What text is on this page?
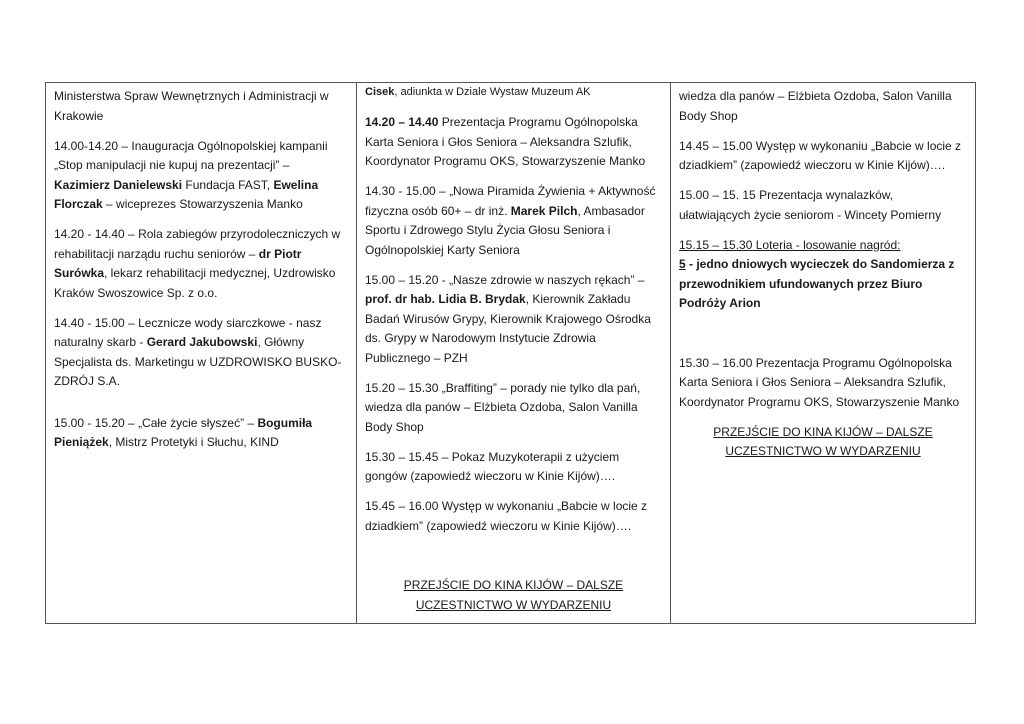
Ministerstwa Spraw Wewnętrznych i Administracji w
Krakowie

14.00-14.20 – Inauguracja Ogólnopolskiej kampanii „Stop manipulacji nie kupuj na prezentacji” – Kazimierz Danielewski Fundacja FAST, Ewelina Florczak – wiceprezes Stowarzyszenia Manko

14.20 - 14.40 – Rola zabiegów przyrodoleczniczych w rehabilitacji narządu ruchu seniorów – dr Piotr Surówka, lekarz rehabilitacji medycznej, Uzdrowisko Kraków Swoszowice Sp. z o.o.

14.40 - 15.00 – Lecznicze wody siarczkowe - nasz naturalny skarb - Gerard Jakubowski, Główny Specjalista ds. Marketingu w UZDROWISKO BUSKO-ZDRÓJ S.A.

15.00 - 15.20 – „Całe życie słyszeć” – Bogumiła Pieniążek, Mistrz Protetyki i Słuchu, KIND

Cisek, adiunkta w Dziale Wystaw Muzeum AK

14.20 – 14.40 Prezentacja Programu Ogólnopolska Karta Seniora i Głos Seniora – Aleksandra Szlufik, Koordynator Programu OKS, Stowarzyszenie Manko

14.30 - 15.00 – „Nowa Piramida Żywienia + Aktywność fizyczna osób 60+ – dr inż. Marek Pilch, Ambasador Sportu i Zdrowego Stylu Życia Głosu Seniora i Ogólnopolskiej Karty Seniora

15.00 – 15.20 - „Nasze zdrowie w naszych rękach” – prof. dr hab. Lidia B. Brydak, Kierownik Zakładu Badań Wirusów Grypy, Kierownik Krajowego Ośrodka ds. Grypy w Narodowym Instytucie Zdrowia Publicznego – PZH

15.20 – 15.30 „Braffiting” – porady nie tylko dla pań, wiedza dla panów – Elżbieta Ozdoba, Salon Vanilla Body Shop

15.30 – 15.45 – Pokaz Muzykoterapii z użyciem gongów (zapowiedź wieczoru w Kinie Kijów)….

15.45 – 16.00 Występ w wykonaniu „Babcie w locie z dziadkiem” (zapowiedź wieczoru w Kinie Kijów)….

PRZEJŚCIE DO KINA KIJÓW – DALSZE UCZESTNICTWO W WYDARZENIU

wiedza dla panów – Elżbieta Ozdoba, Salon Vanilla Body Shop

14.45 – 15.00 Występ w wykonaniu „Babcie w locie z dziadkiem” (zapowiedź wieczoru w Kinie Kijów)….

15.00 – 15. 15 Prezentacja wynalazków, ułatwiających życie seniorom - Wincety Pomierny

15.15 – 15.30 Loteria - losowanie nagród:
5 - jedno dniowych wycieczek do Sandomierza z przewodnikiem ufundowanych przez Biuro Podróży Arion

15.30 – 16.00 Prezentacja Programu Ogólnopolska Karta Seniora i Głos Seniora – Aleksandra Szlufik, Koordynator Programu OKS, Stowarzyszenie Manko

PRZEJŚCIE DO KINA KIJÓW – DALSZE UCZESTNICTWO W WYDARZENIU
